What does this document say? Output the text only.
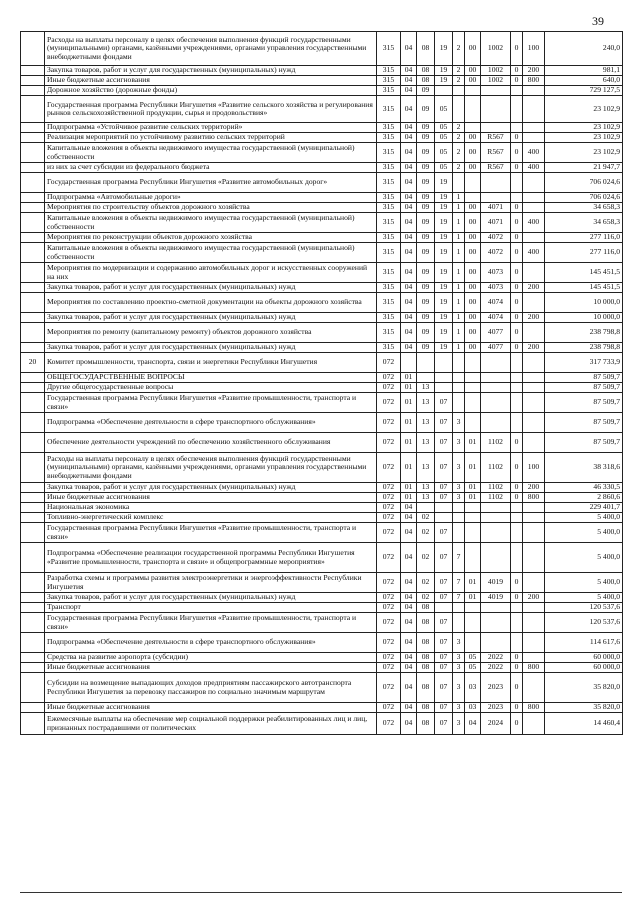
39
	Расходы на выплаты персоналу в целях обеспечения выполнения функций государственными (муниципальными) органами, казёнными учреждениями, органами управления государственными внебюджетными фондами	315	04	08	19	2	00	1002	0	100	240,0
	Закупка товаров, работ и услуг для государственных (муниципальных) нужд	315	04	08	19	2	00	1002	0	200	981,1
	Иные бюджетные ассигнования	315	04	08	19	2	00	1002	0	800	640,0
	Дорожное хозяйство (дорожные фонды)	315	04	09							729 127,5
	Государственная программа Республики Ингушетия «Развитие сельского хозяйства и регулирования рынков сельскохозяйственной продукции, сырья и продовольствия»	315	04	09	05						23 102,9
	Подпрограмма «Устойчивое развитие сельских территорий»	315	04	09	05	2					23 102,9
	Реализация мероприятий по устойчивому развитию сельских территорий	315	04	09	05	2	00	R567	0		23 102,9
	Капитальные вложения в объекты недвижимого имущества государственной (муниципальной) собственности	315	04	09	05	2	00	R567	0	400	23 102,9
	из них за счет субсидии из федерального бюджета	315	04	09	05	2	00	R567	0	400	21 947,7
	Государственная программа Республики Ингушетия «Развитие автомобильных дорог»	315	04	09	19						706 024,6
	Подпрограмма «Автомобильные дороги»	315	04	09	19	1					706 024,6
	Мероприятия по строительству объектов дорожного хозяйства	315	04	09	19	1	00	4071	0		34 658,3
	Капитальные вложения в объекты недвижимого имущества государственной (муниципальной) собственности	315	04	09	19	1	00	4071	0	400	34 658,3
	Мероприятия по реконструкции объектов дорожного хозяйства	315	04	09	19	1	00	4072	0		277 116,0
	Капитальные вложения в объекты недвижимого имущества государственной (муниципальной) собственности	315	04	09	19	1	00	4072	0	400	277 116,0
	Мероприятия по модернизации и содержанию автомобильных дорог и искусственных сооружений на них	315	04	09	19	1	00	4073	0		145 451,5
	Закупка товаров, работ и услуг для государственных (муниципальных) нужд	315	04	09	19	1	00	4073	0	200	145 451,5
	Мероприятия по составлению проектно-сметной документации на объекты дорожного хозяйства	315	04	09	19	1	00	4074	0		10 000,0
	Закупка товаров, работ и услуг для государственных (муниципальных) нужд	315	04	09	19	1	00	4074	0	200	10 000,0
	Мероприятия по ремонту (капитальному ремонту) объектов дорожного хозяйства	315	04	09	19	1	00	4077	0		238 798,8
	Закупка товаров, работ и услуг для государственных (муниципальных) нужд	315	04	09	19	1	00	4077	0	200	238 798,8
20	Комитет промышленности, транспорта, связи и энергетики Республики Ингушетия	072									317 733,9
	ОБЩЕГОСУДАРСТВЕННЫЕ ВОПРОСЫ	072	01								87 509,7
	Другие общегосударственные вопросы	072	01	13							87 509,7
	Государственная программа Республики Ингушетия «Развитие промышленности, транспорта и связи»	072	01	13	07						87 509,7
	Подпрограмма «Обеспечение деятельности в сфере транспортного обслуживания»	072	01	13	07	3					87 509,7
	Обеспечение деятельности учреждений по обеспечению хозяйственного обслуживания	072	01	13	07	3	01	1102	0		87 509,7
	Расходы на выплаты персоналу в целях обеспечения выполнения функций государственными (муниципальными) органами, казёнными учреждениями, органами управления государственными внебюджетными фондами	072	01	13	07	3	01	1102	0	100	38 318,6
	Закупка товаров, работ и услуг для государственных (муниципальных) нужд	072	01	13	07	3	01	1102	0	200	46 330,5
	Иные бюджетные ассигнования	072	01	13	07	3	01	1102	0	800	2 860,6
	Национальная экономика	072	04								229 401,7
	Топливно-энергетический комплекс	072	04	02							5 400,0
	Государственная программа Республики Ингушетия «Развитие промышленности, транспорта и связи»	072	04	02	07						5 400,0
	Подпрограмма «Обеспечение реализации государственной программы Республики Ингушетия «Развитие промышленности, транспорта и связи» и общепрограммные мероприятия»	072	04	02	07	7					5 400,0
	Разработка схемы и программы развития электроэнергетики и энергоэффективности Республики Ингушетия	072	04	02	07	7	01	4019	0		5 400,0
	Закупка товаров, работ и услуг для государственных (муниципальных) нужд	072	04	02	07	7	01	4019	0	200	5 400,0
	Транспорт	072	04	08							120 537,6
	Государственная программа Республики Ингушетия «Развитие промышленности, транспорта и связи»	072	04	08	07						120 537,6
	Подпрограмма «Обеспечение деятельности в сфере транспортного обслуживания»	072	04	08	07	3					114 617,6
	Средства на развитие аэропорта (субсидии)	072	04	08	07	3	05	2022	0		60 000,0
	Иные бюджетные ассигнования	072	04	08	07	3	05	2022	0	800	60 000,0
	Субсидии на возмещение выпадающих доходов предприятиям пассажирского автотранспорта Республики Ингушетия за перевозку пассажиров по социально значимым маршрутам	072	04	08	07	3	03	2023	0		35 820,0
	Иные бюджетные ассигнования	072	04	08	07	3	03	2023	0	800	35 820,0
	Ежемесячные выплаты на обеспечение мер социальной поддержки реабилитированных лиц и лиц, признанных пострадавшими от политических	072	04	08	07	3	04	2024	0		14 460,4
